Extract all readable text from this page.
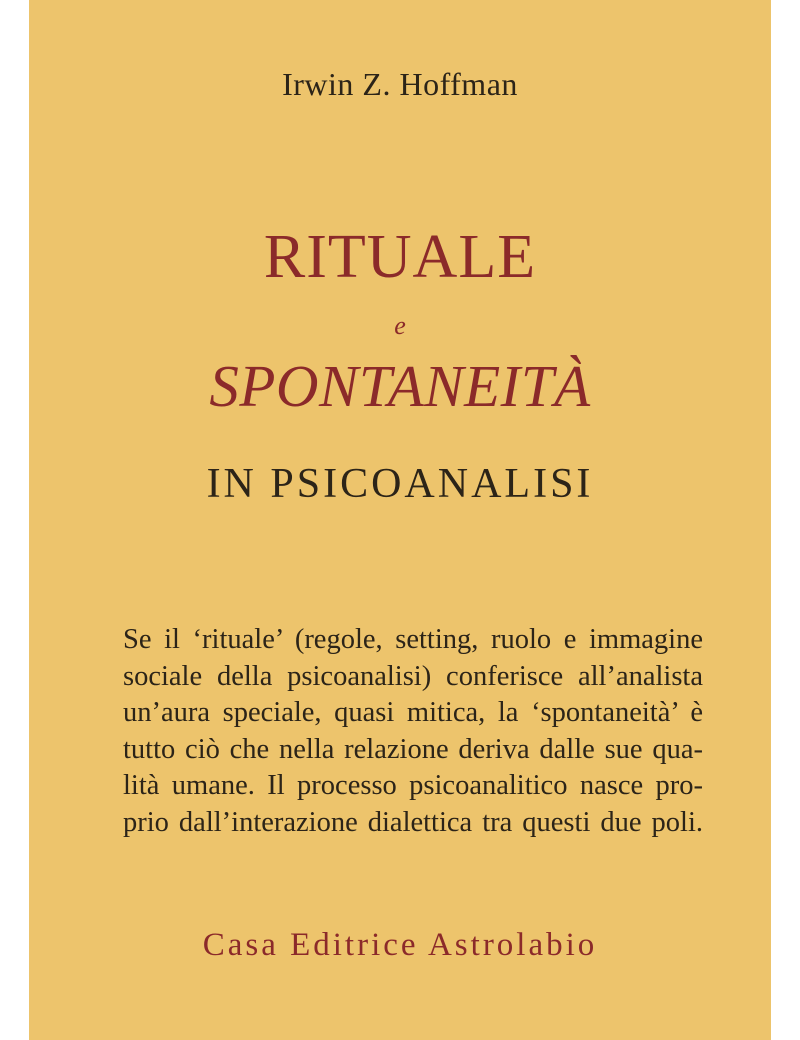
Irwin Z. Hoffman
RITUALE
e
SPONTANEITÀ
IN PSICOANALISI
Se il ‘rituale’ (regole, setting, ruolo e immagine
sociale della psicoanalisi) conferisce all’analista
un’aura speciale, quasi mitica, la ‘spontaneità’ è
tutto ciò che nella relazione deriva dalle sue qua-
lità umane. Il processo psicoanalitico nasce pro-
prio dall’interazione dialettica tra questi due poli.
Casa Editrice Astrolabio
